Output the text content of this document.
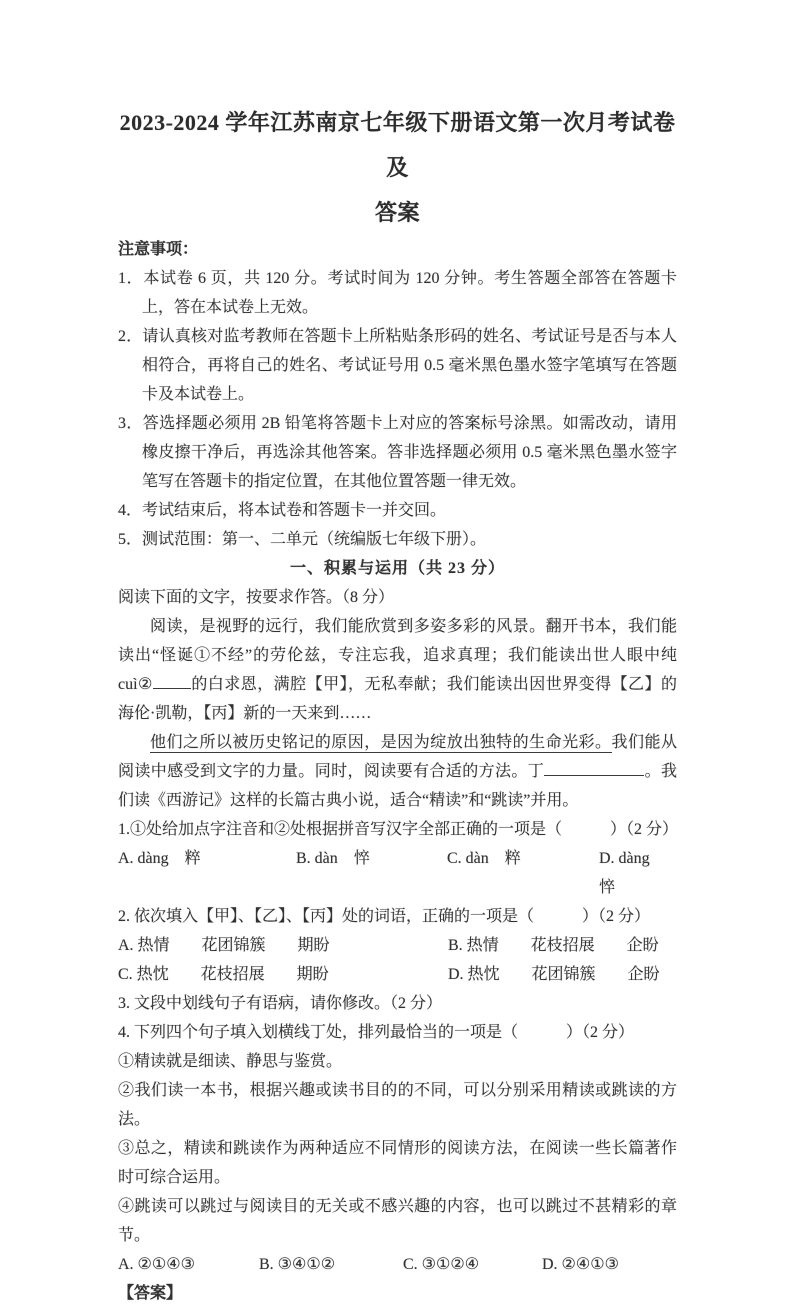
2023-2024 学年江苏南京七年级下册语文第一次月考试卷及
答案
注意事项：
1．本试卷 6 页，共 120 分。考试时间为 120 分钟。考生答题全部答在答题卡上，答在本试卷上无效。
2．请认真核对监考教师在答题卡上所粘贴条形码的姓名、考试证号是否与本人相符合，再将自己的姓名、考试证号用 0.5 毫米黑色墨水签字笔填写在答题卡及本试卷上。
3．答选择题必须用 2B 铅笔将答题卡上对应的答案标号涂黑。如需改动，请用橡皮擦干净后，再选涂其他答案。答非选择题必须用 0.5 毫米黑色墨水签字笔写在答题卡的指定位置，在其他位置答题一律无效。
4．考试结束后，将本试卷和答题卡一并交回。
5．测试范围：第一、二单元（统编版七年级下册）。
一、积累与运用（共 23 分）
阅读下面的文字，按要求作答。（8 分）

阅读，是视野的远行，我们能欣赏到多姿多彩的风景。翻开书本，我们能读出“怪诞①不经”的劳伦兹，专注忘我，追求真理；我们能读出世人眼中纯 cuì② 的白求恩，满腔【甲】，无私奉献；我们能读出因世界变得【乙】的海伦·凯勒，【丙】新的一天来到……

他们之所以被历史铭记的原因，是因为绽放出独特的生命光彩。我们能从阅读中感受到文字的力量。同时，阅读要有合适的方法。丁	。我们读《西游记》这样的长篇古典小说，适合“精读”和“跳读”并用。

1.①处给加点字注音和②处根据拼音写汉字全部正确的一项是（　　　）（2 分）
A. dàng　粹	B. dàn　悴	C. dàn　粹	D. dàng　悴
2. 依次填入【甲】、【乙】、【丙】处的词语，正确的一项是（　　　）（2 分）
A. 热情　　花团锦簇　　期盼	B. 热情　　花枝招展　　企盼
C. 热忱　　花枝招展　　期盼	D. 热忱　　花团锦簇　　企盼
3. 文段中划线句子有语病，请你修改。（2 分）
4. 下列四个句子填入划横线丁处，排列最恰当的一项是（　　　）（2 分）
①精读就是细读、静思与鉴赏。
②我们读一本书，根据兴趣或读书目的的不同，可以分别采用精读或跳读的方法。
③总之，精读和跳读作为两种适应不同情形的阅读方法，在阅读一些长篇著作时可综合运用。
④跳读可以跳过与阅读目的无关或不感兴趣的内容，也可以跳过不甚精彩的章节。
A. ②①④③	B. ③④①②	C. ③①②④	D. ②④①③
【答案】
